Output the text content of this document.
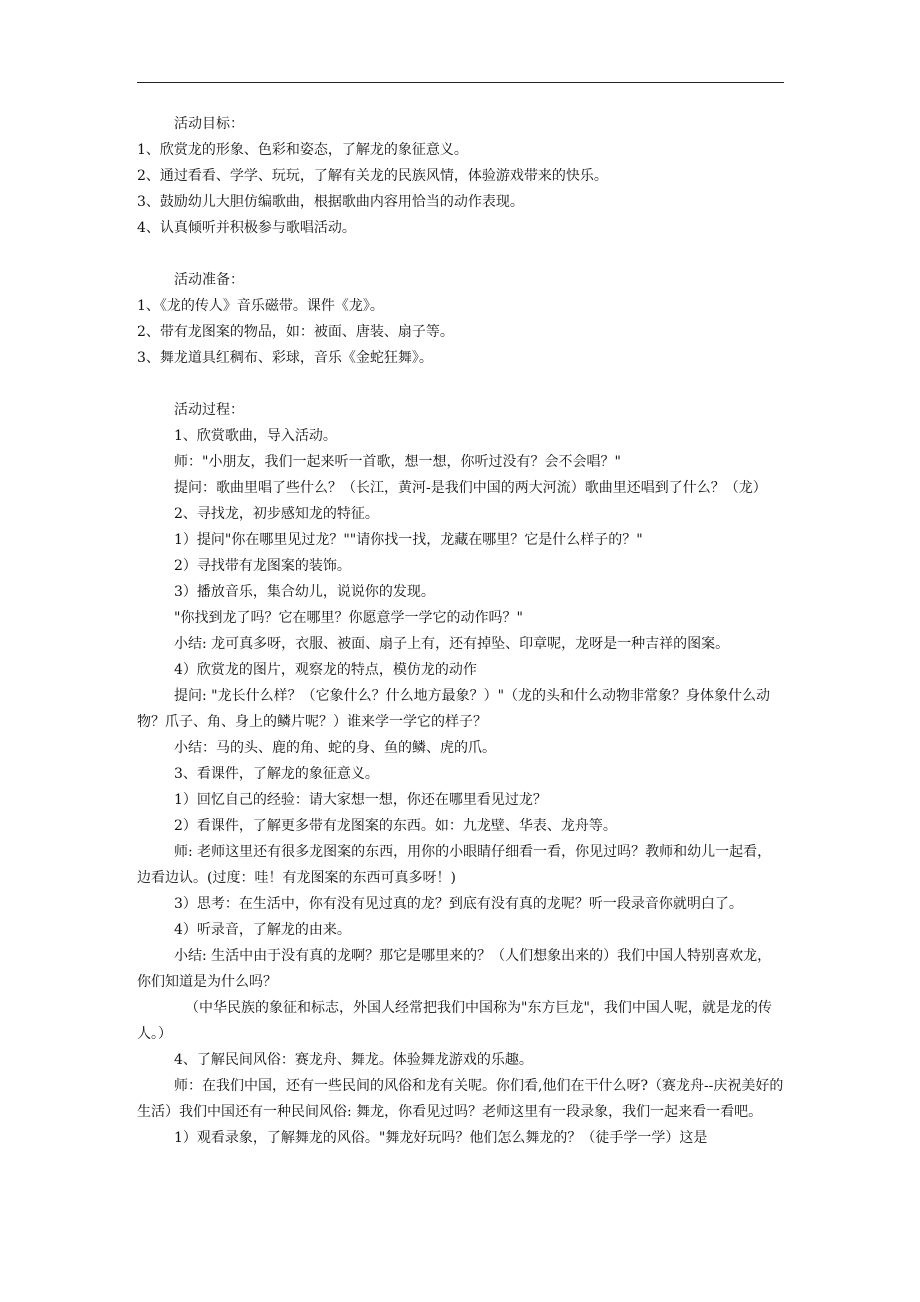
活动目标：

1、欣赏龙的形象、色彩和姿态，了解龙的象征意义。

2、通过看看、学学、玩玩，了解有关龙的民族风情，体验游戏带来的快乐。

3、鼓励幼儿大胆仿编歌曲，根据歌曲内容用恰当的动作表现。

4、认真倾听并积极参与歌唱活动。

活动准备：

1、《龙的传人》音乐磁带。课件《龙》。

2、带有龙图案的物品，如：被面、唐装、扇子等。

3、舞龙道具红稠布、彩球，音乐《金蛇狂舞》。

活动过程：

1、欣赏歌曲，导入活动。

师："小朋友，我们一起来听一首歌，想一想，你听过没有？会不会唱？"

提问：歌曲里唱了些什么？（长江，黄河-是我们中国的两大河流）歌曲里还唱到了什么？（龙）

2、寻找龙，初步感知龙的特征。

1）提问"你在哪里见过龙？""请你找一找，龙藏在哪里？它是什么样子的？"

2）寻找带有龙图案的装饰。

3）播放音乐，集合幼儿，说说你的发现。

"你找到龙了吗？它在哪里？你愿意学一学它的动作吗？"

小结: 龙可真多呀，衣服、被面、扇子上有，还有掉坠、印章呢，龙呀是一种吉祥的图案。

4）欣赏龙的图片，观察龙的特点，模仿龙的动作

提问: "龙长什么样？（它象什么？什么地方最象？）"（龙的头和什么动物非常象？身体象什么动物？爪子、角、身上的鳞片呢？）谁来学一学它的样子？

小结：马的头、鹿的角、蛇的身、鱼的鳞、虎的爪。

3、看课件，了解龙的象征意义。

1）回忆自己的经验：请大家想一想，你还在哪里看见过龙？

2）看课件，了解更多带有龙图案的东西。如：九龙壁、华表、龙舟等。

师: 老师这里还有很多龙图案的东西，用你的小眼睛仔细看一看，你见过吗？教师和幼儿一起看，边看边认。(过度：哇！有龙图案的东西可真多呀！)

3）思考：在生活中，你有没有见过真的龙？到底有没有真的龙呢？听一段录音你就明白了。

4）听录音，了解龙的由来。

小结: 生活中由于没有真的龙啊？那它是哪里来的？（人们想象出来的）我们中国人特别喜欢龙，你们知道是为什么吗？

（中华民族的象征和标志，外国人经常把我们中国称为"东方巨龙"，我们中国人呢，就是龙的传人。）

4、了解民间风俗：赛龙舟、舞龙。体验舞龙游戏的乐趣。

师：在我们中国，还有一些民间的风俗和龙有关呢。你们看,他们在干什么呀?（赛龙舟--庆祝美好的生活）我们中国还有一种民间风俗: 舞龙，你看见过吗？老师这里有一段录象，我们一起来看一看吧。

1）观看录象，了解舞龙的风俗。"舞龙好玩吗？他们怎么舞龙的？（徒手学一学）这是
